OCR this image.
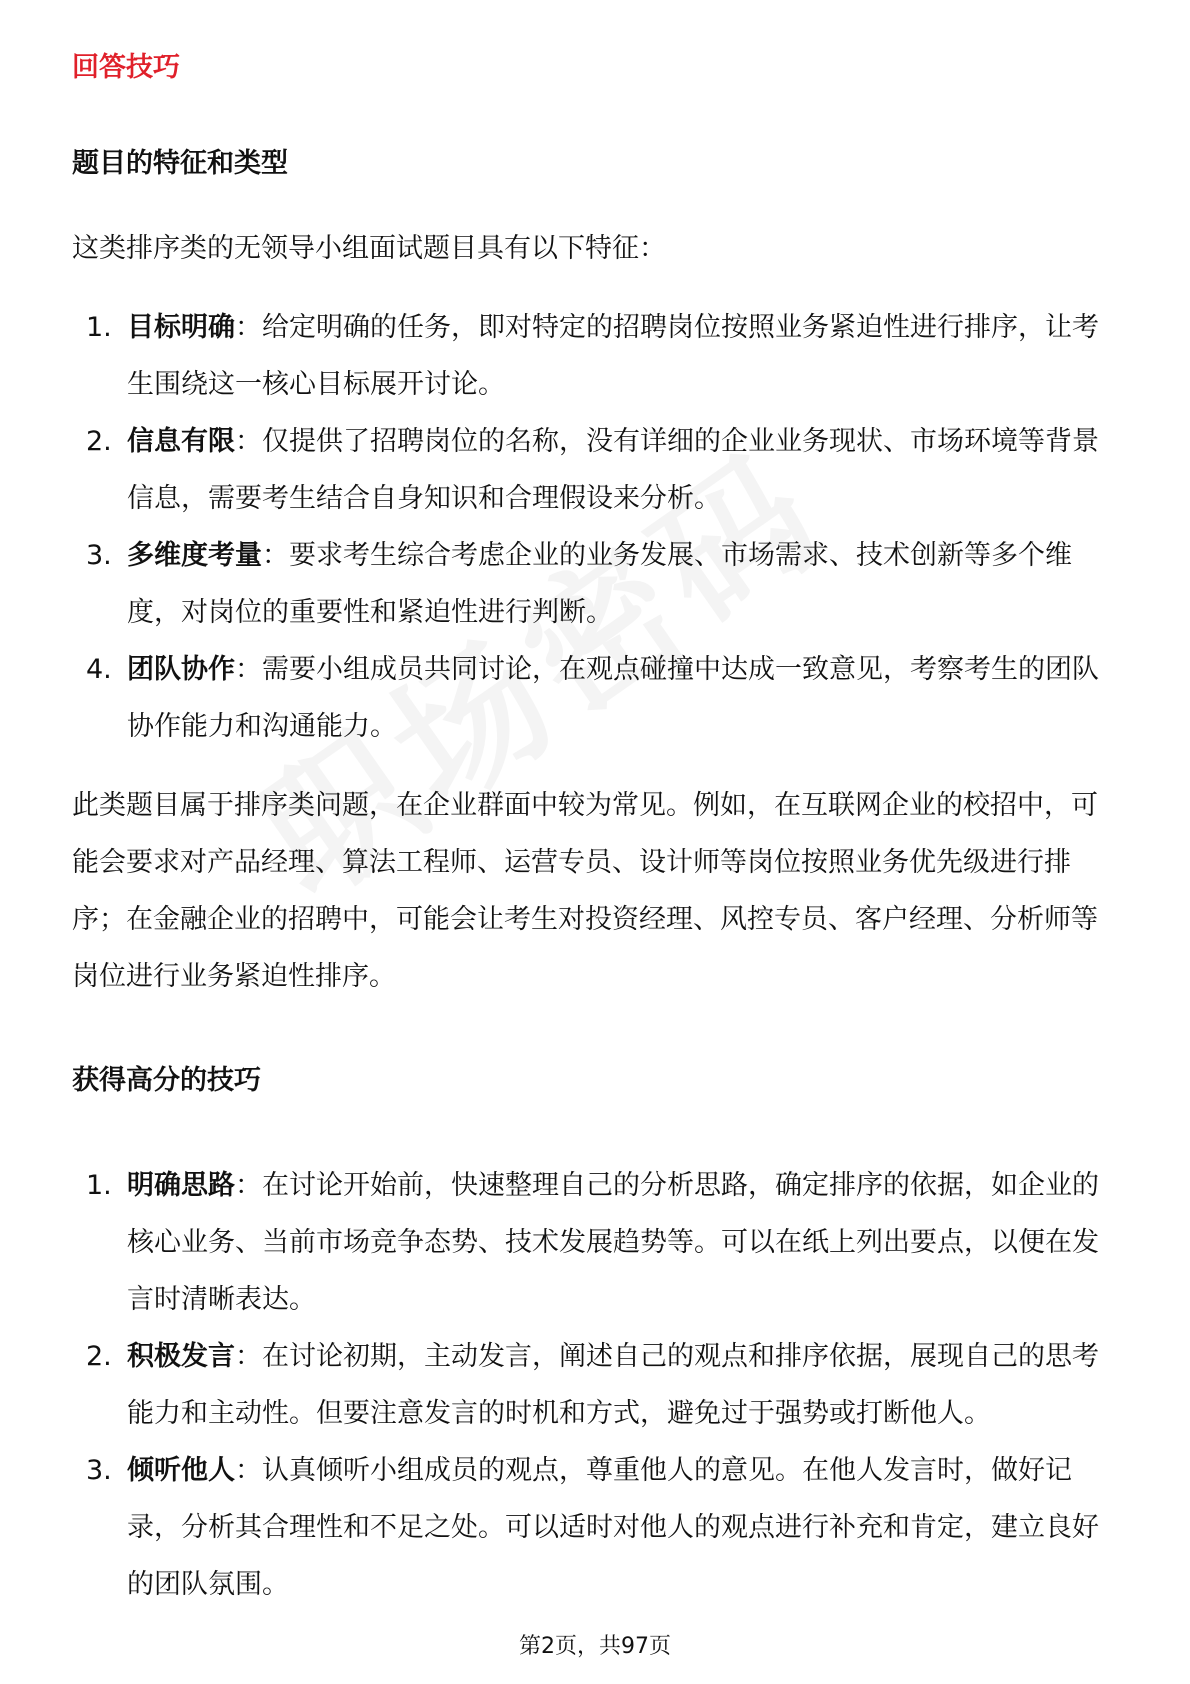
回答技巧
题目的特征和类型

这类排序类的无领导小组面试题目具有以下特征：

1. 目标明确：给定明确的任务，即对特定的招聘岗位按照业务紧迫性进行排序，让考生围绕这一核心目标展开讨论。
2. 信息有限：仅提供了招聘岗位的名称，没有详细的企业业务现状、市场环境等背景信息，需要考生结合自身知识和合理假设来分析。
3. 多维度考量：要求考生综合考虑企业的业务发展、市场需求、技术创新等多个维度，对岗位的重要性和紧迫性进行判断。
4. 团队协作：需要小组成员共同讨论，在观点碰撞中达成一致意见，考察考生的团队协作能力和沟通能力。

此类题目属于排序类问题，在企业群面中较为常见。例如，在互联网企业的校招中，可能会要求对产品经理、算法工程师、运营专员、设计师等岗位按照业务优先级进行排序；在金融企业的招聘中，可能会让考生对投资经理、风控专员、客户经理、分析师等岗位进行业务紧迫性排序。

获得高分的技巧
1. 明确思路：在讨论开始前，快速整理自己的分析思路，确定排序的依据，如企业的核心业务、当前市场竞争态势、技术发展趋势等。可以在纸上列出要点，以便在发言时清晰表达。
2. 积极发言：在讨论初期，主动发言，阐述自己的观点和排序依据，展现自己的思考能力和主动性。但要注意发言的时机和方式，避免过于强势或打断他人。
3. 倾听他人：认真倾听小组成员的观点，尊重他人的意见。在他人发言时，做好记录，分析其合理性和不足之处。可以适时对他人的观点进行补充和肯定，建立良好的团队氛围。
第2页，共97页
